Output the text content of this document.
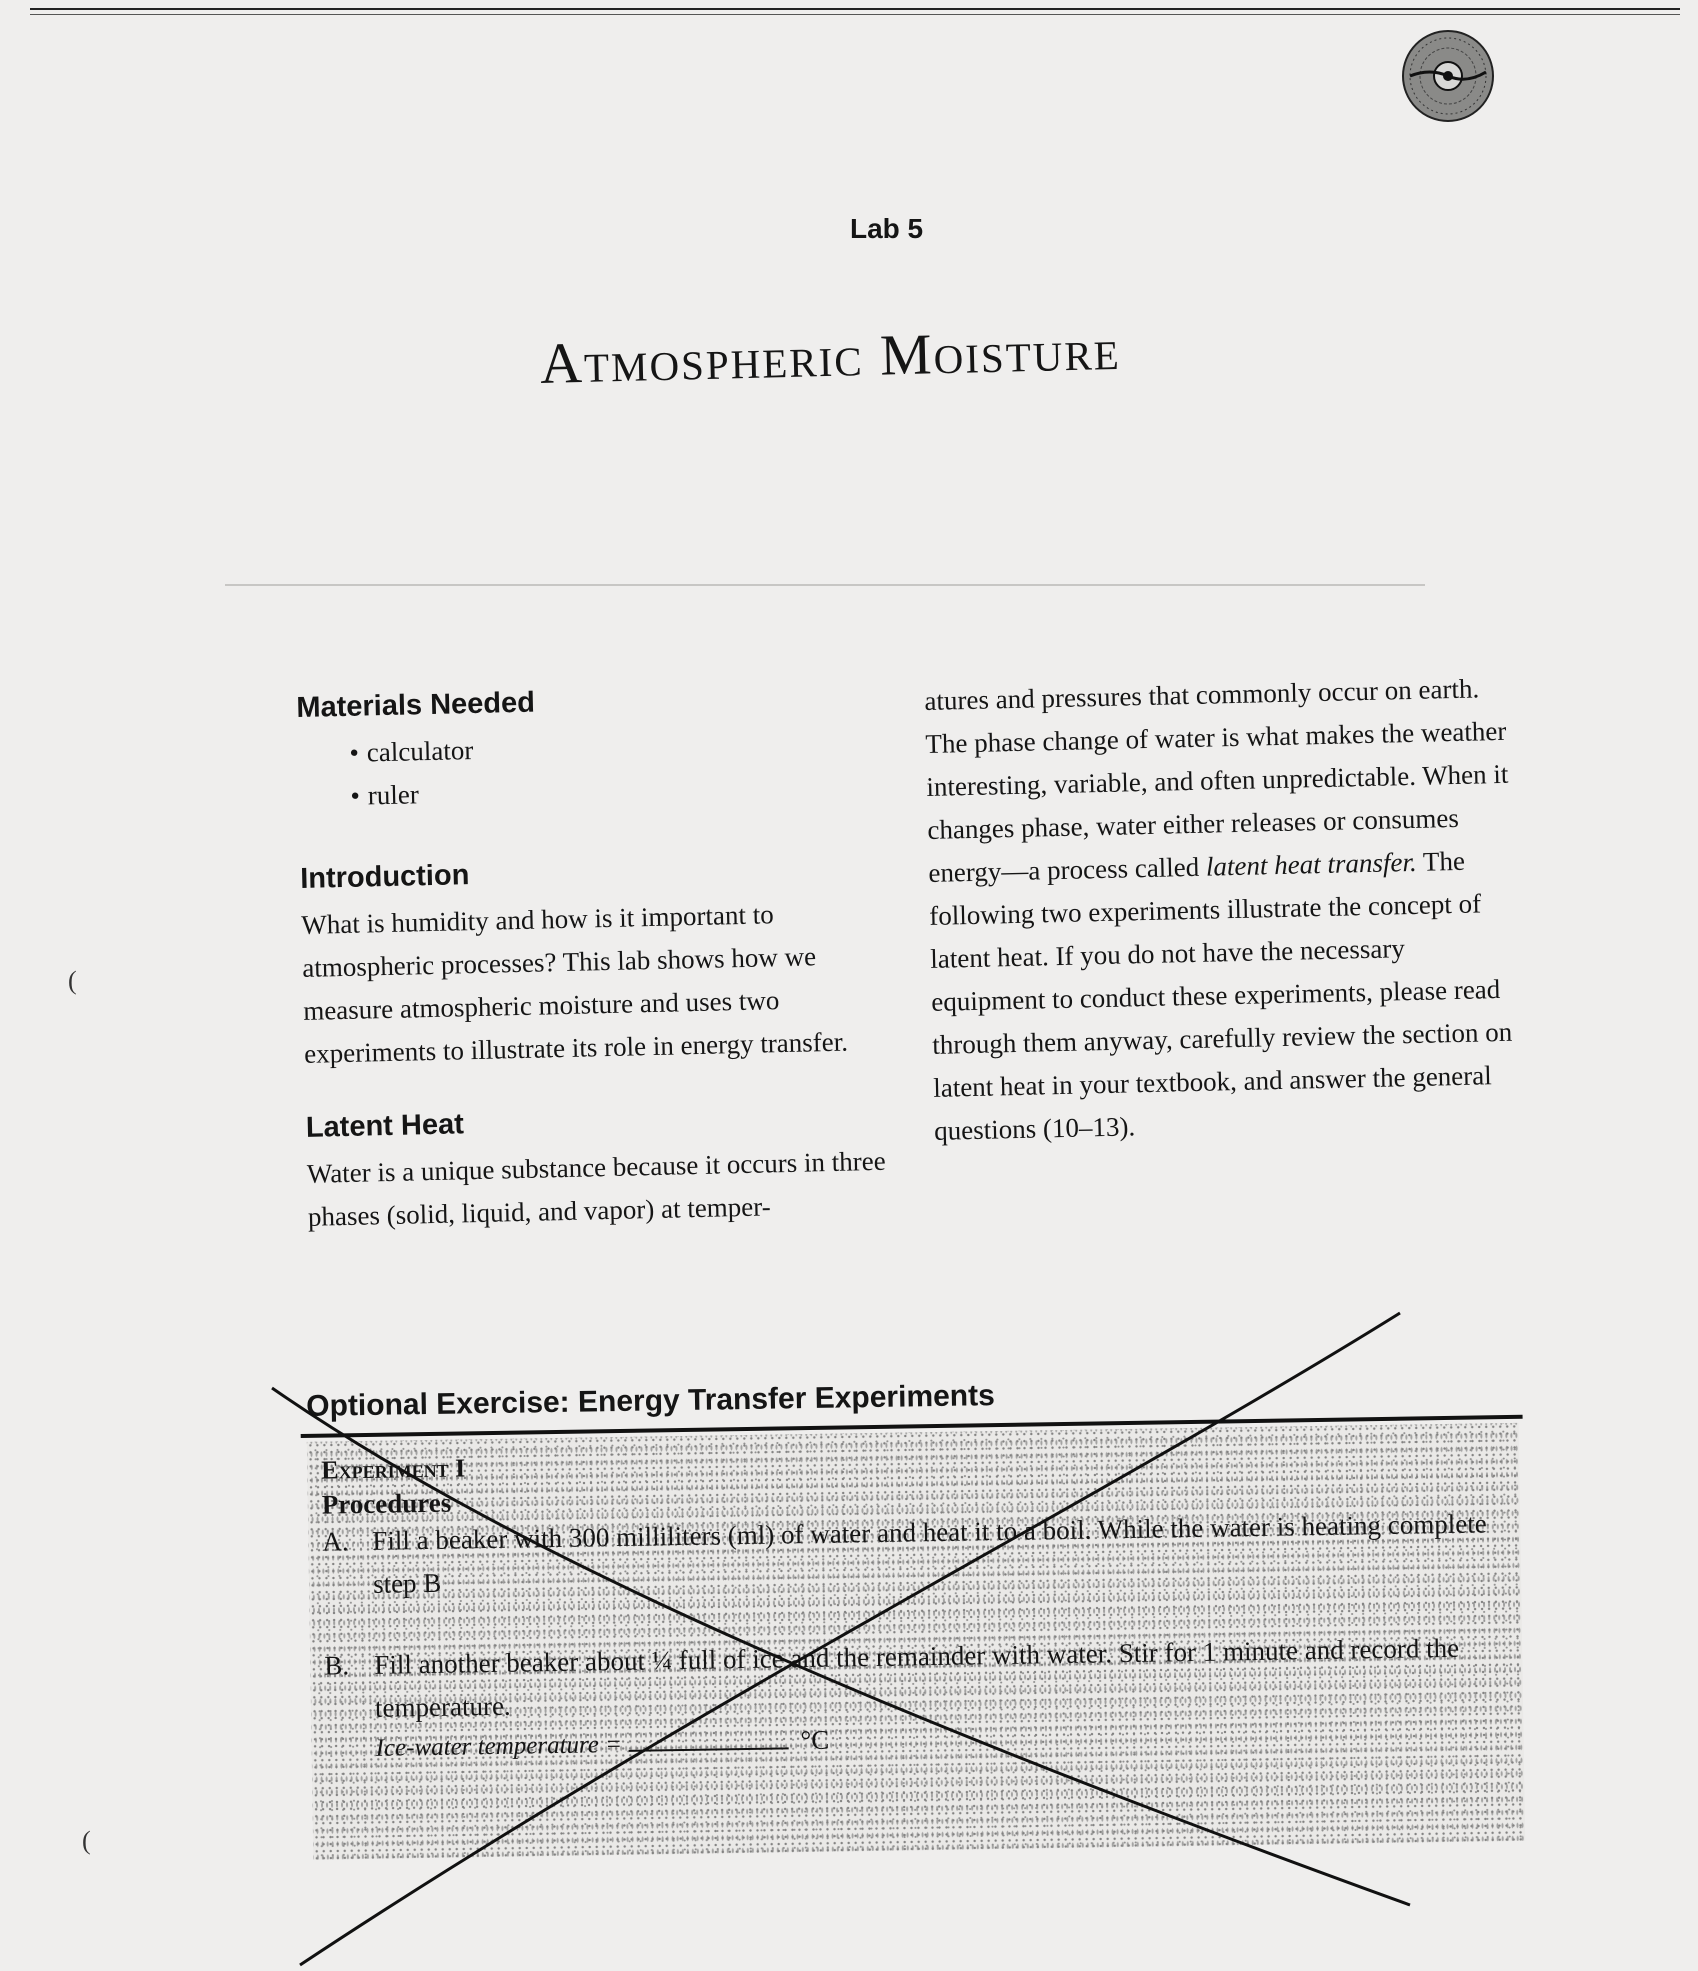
Lab 5
Atmospheric Moisture
Materials Needed
• calculator
• ruler
Introduction

What is humidity and how is it important to atmospheric processes? This lab shows how we measure atmospheric moisture and uses two experiments to illustrate its role in energy transfer.

Latent Heat

Water is a unique substance because it occurs in three phases (solid, liquid, and vapor) at temper-

atures and pressures that commonly occur on earth. The phase change of water is what makes the weather interesting, variable, and often unpredictable. When it changes phase, water either releases or consumes energy—a process called latent heat transfer. The following two experiments illustrate the concept of latent heat. If you do not have the necessary equipment to conduct these experiments, please read through them anyway, carefully review the section on latent heat in your textbook, and answer the general questions (10–13).

Optional Exercise: Energy Transfer Experiments

Experiment I

Procedures

A. Fill a beaker with 300 milliliters (ml) of water and heat it to a boil. While the water is heating complete step B

B. Fill another beaker about ¼ full of ice and the remainder with water. Stir for 1 minute and record the temperature.

Ice-water temperature =	°C
(
(
